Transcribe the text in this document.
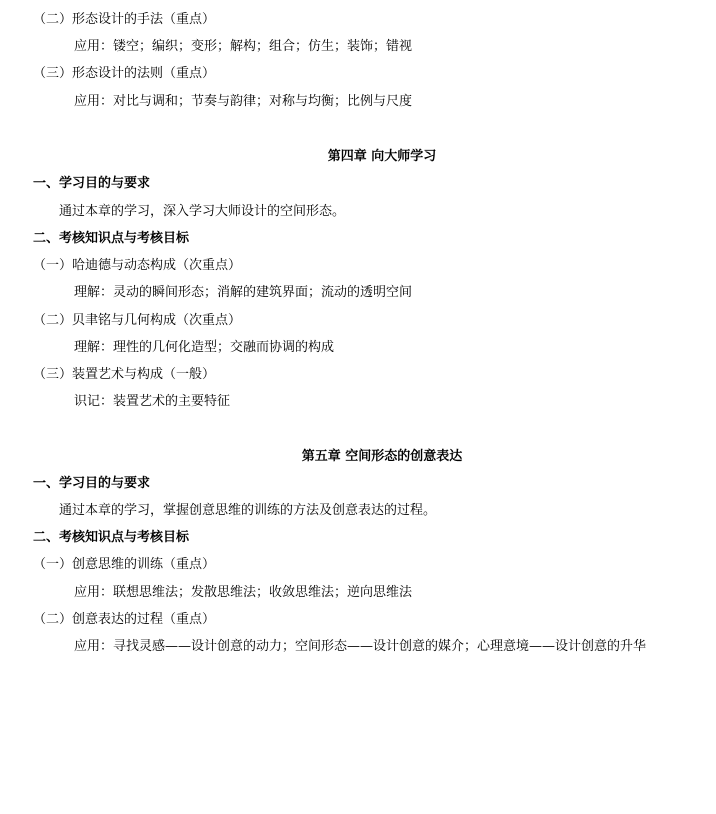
（二）形态设计的手法（重点）
应用：镂空；编织；变形；解构；组合；仿生；装饰；错视
（三）形态设计的法则（重点）
应用：对比与调和；节奏与韵律；对称与均衡；比例与尺度
第四章 向大师学习
一、学习目的与要求
通过本章的学习，深入学习大师设计的空间形态。
二、考核知识点与考核目标
（一）哈迪德与动态构成（次重点）
理解：灵动的瞬间形态；消解的建筑界面；流动的透明空间
（二）贝聿铭与几何构成（次重点）
理解：理性的几何化造型；交融而协调的构成
（三）装置艺术与构成（一般）
识记：装置艺术的主要特征
第五章 空间形态的创意表达
一、学习目的与要求
通过本章的学习，掌握创意思维的训练的方法及创意表达的过程。
二、考核知识点与考核目标
（一）创意思维的训练（重点）
应用：联想思维法；发散思维法；收敛思维法；逆向思维法
（二）创意表达的过程（重点）
应用：寻找灵感——设计创意的动力；空间形态——设计创意的媒介；心理意境——设计创意的升华
